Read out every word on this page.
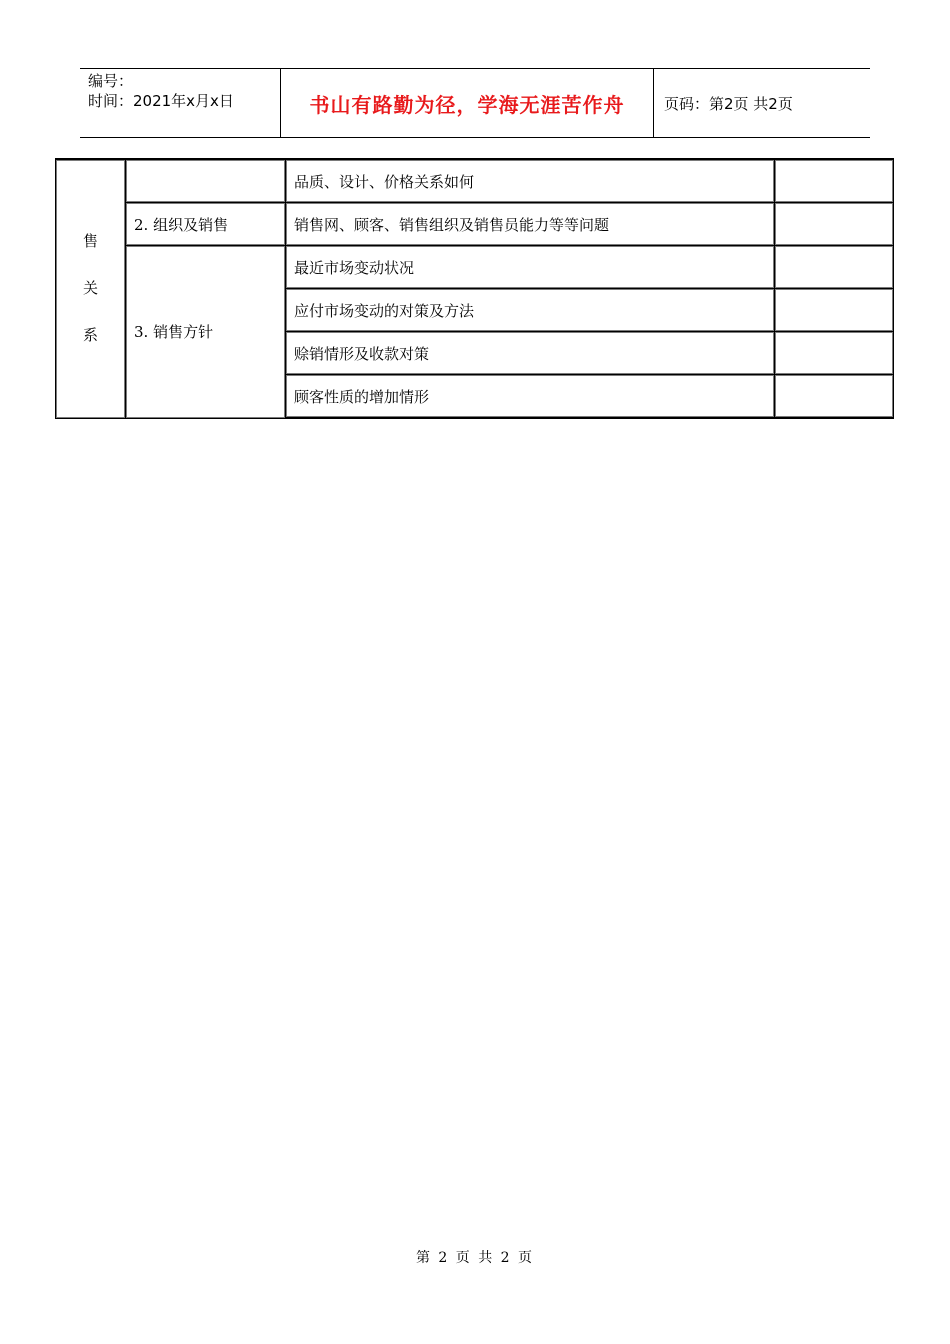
编号：
时间：2021年x月x日	书山有路勤为径，学海无涯苦作舟	页码：第2页 共2页
售
关
系		品质、设计、价格关系如何	
	2. 组织及销售	销售网、顾客、销售组织及销售员能力等等问题	
	3. 销售方针	最近市场变动状况	
		应付市场变动的对策及方法	
		赊销情形及收款对策	
		顾客性质的增加情形	
第 2 页 共 2 页
